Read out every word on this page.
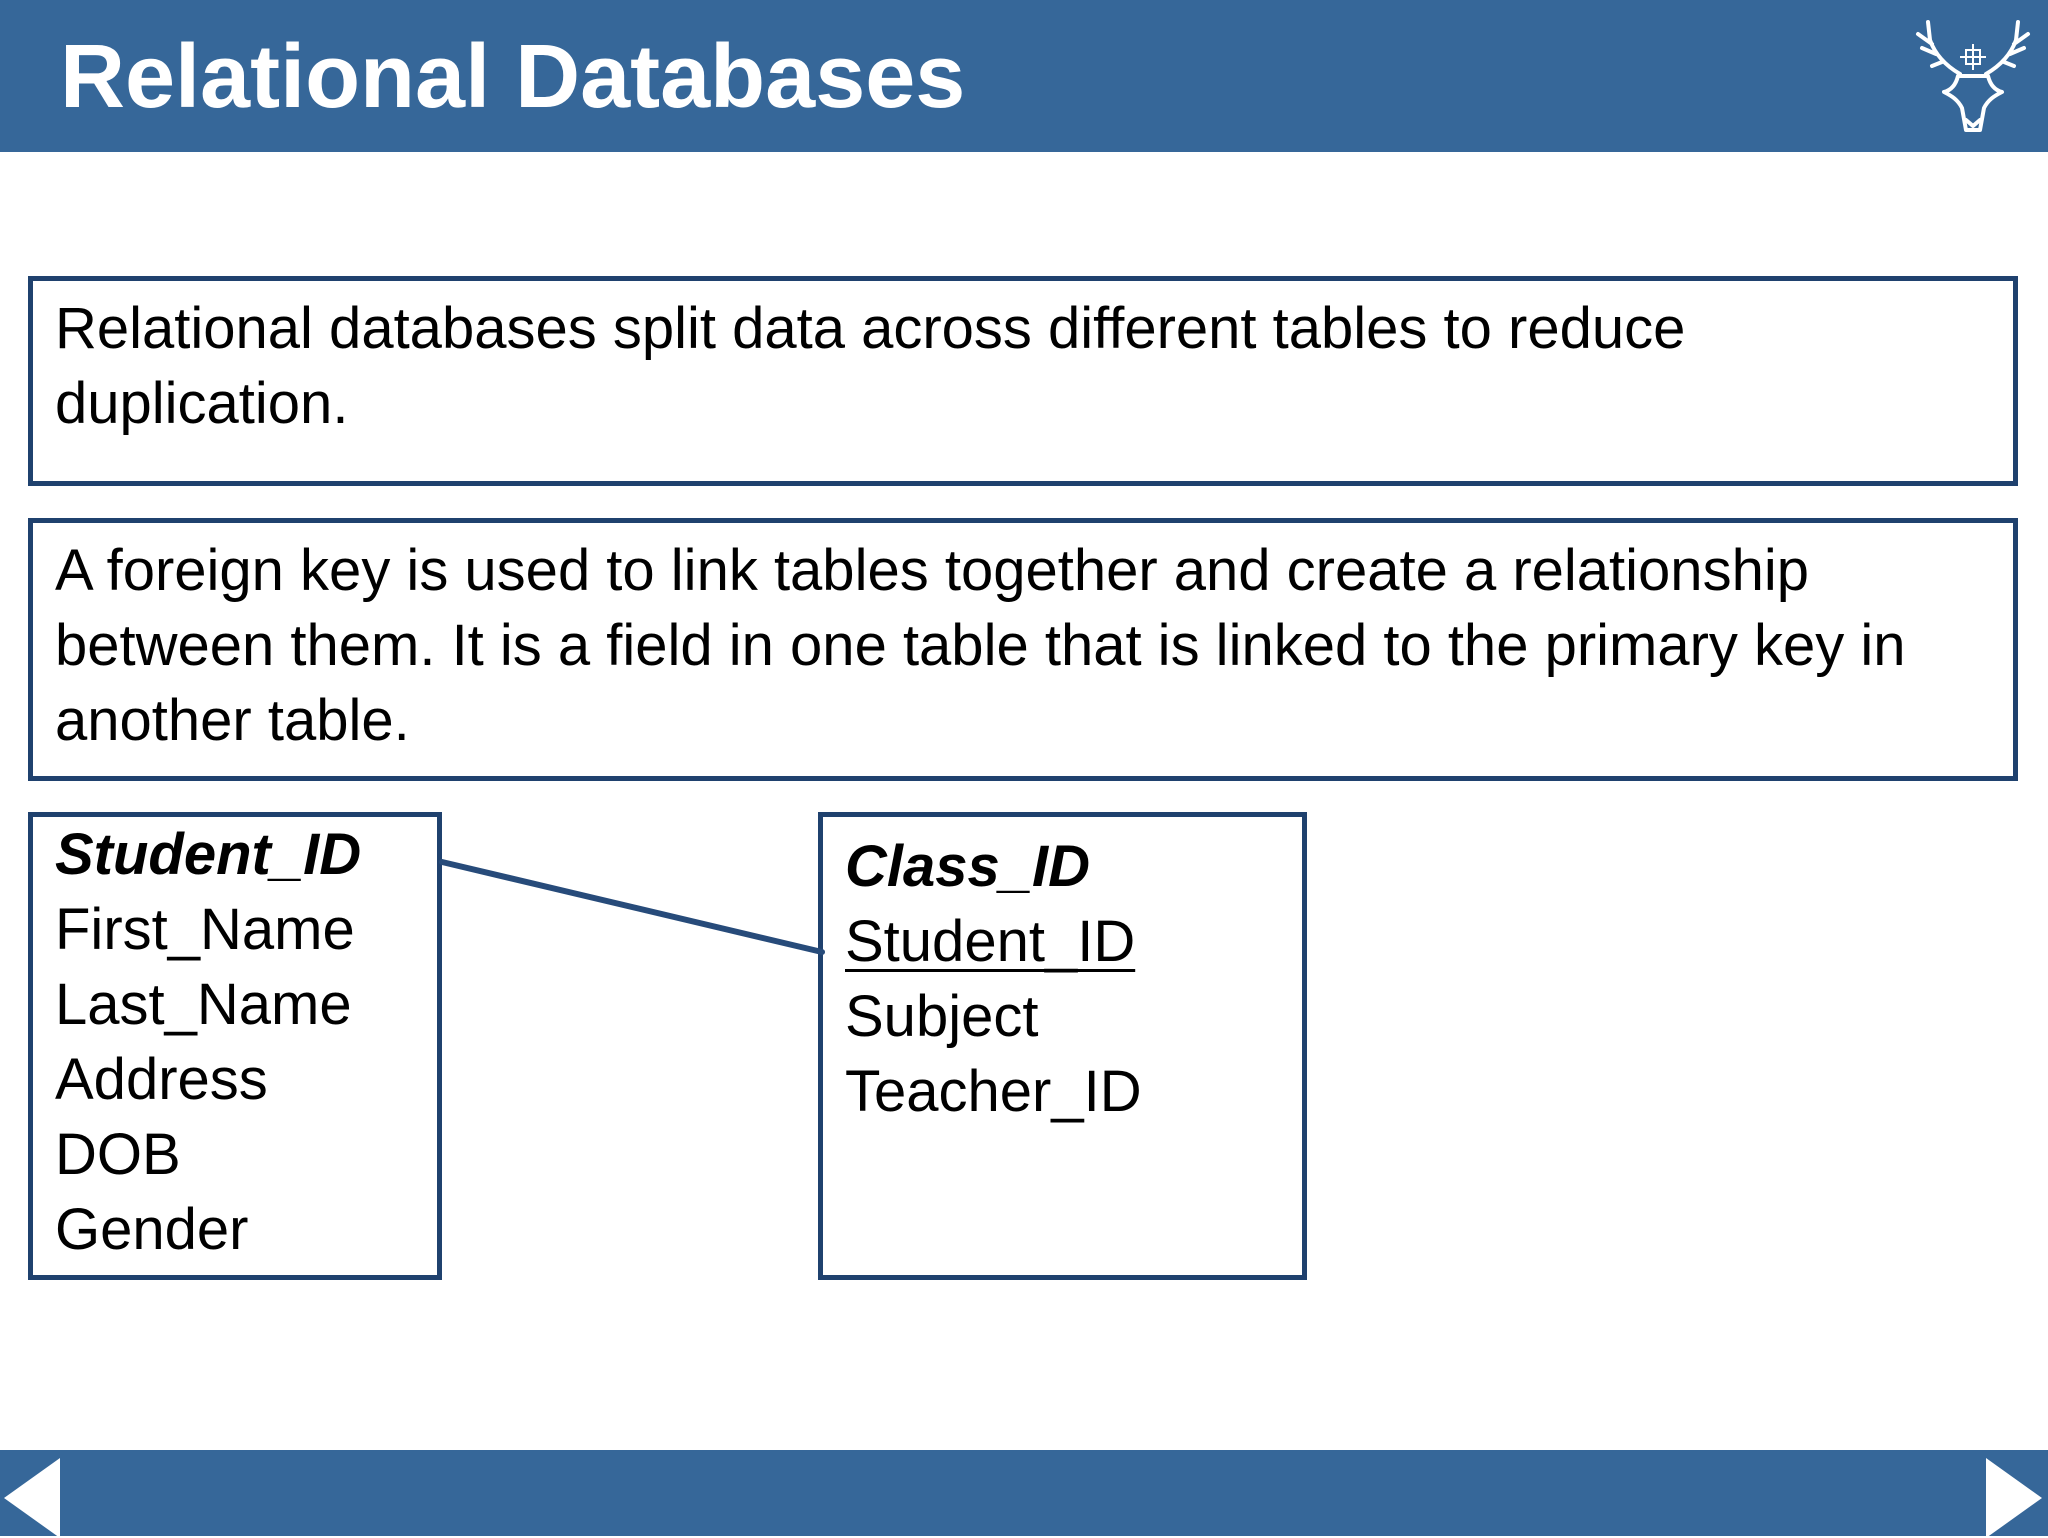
Relational Databases
Relational databases split data across different tables to reduce duplication.
A foreign key is used to link tables together and create a relationship between them. It is a field in one table that is linked to the primary key in another table.
Student_ID
First_Name
Last_Name
Address
DOB
Gender
Class_ID
Student_ID
Subject
Teacher_ID
